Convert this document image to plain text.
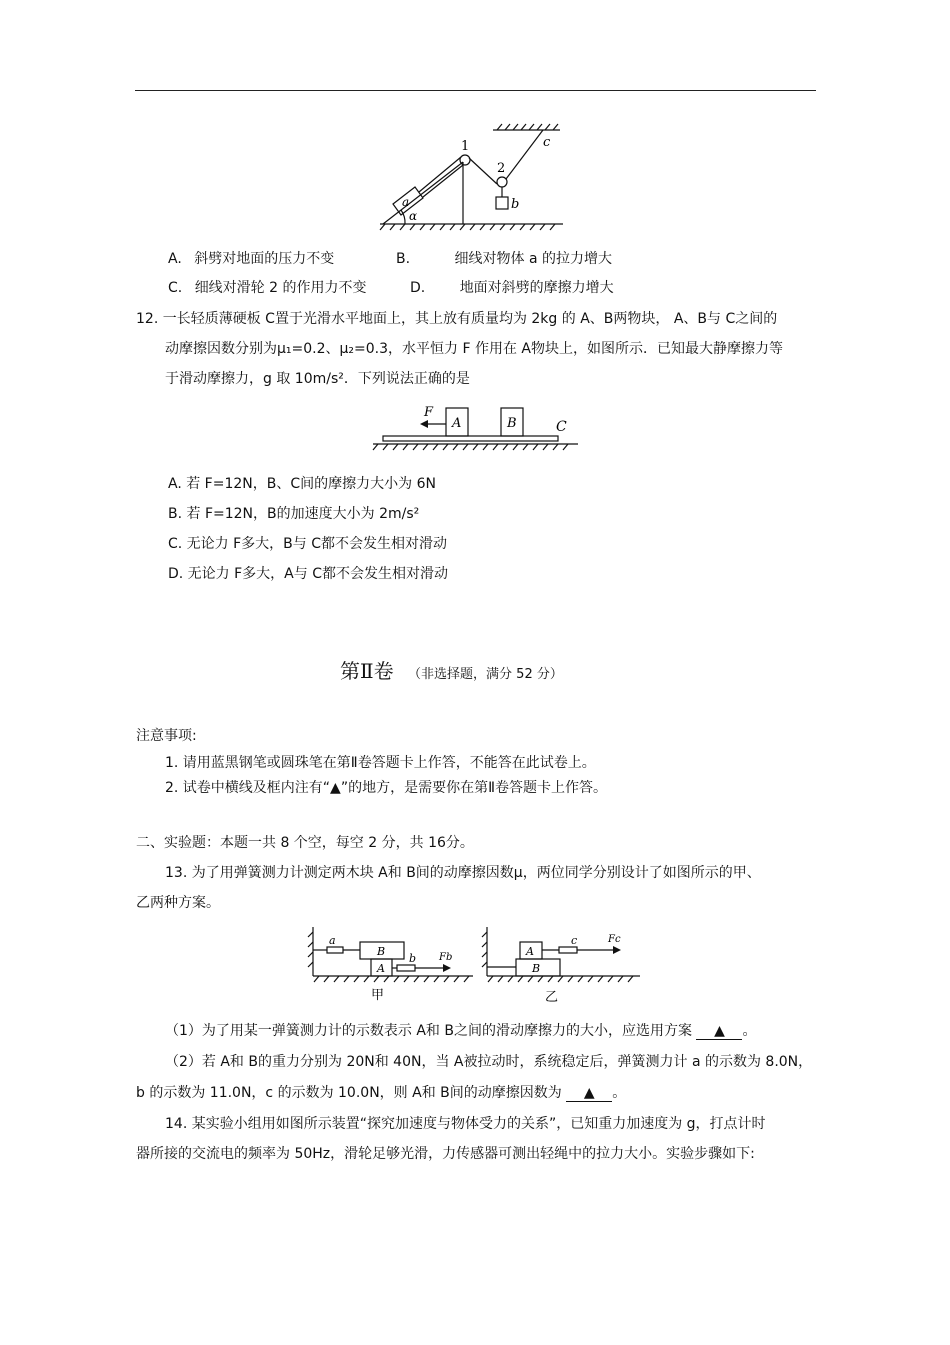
1
2
a	b
c
α
A. 斜劈对地面的压力不变	B.	细线对物体 a 的拉力增大
C. 细线对滑轮 2 的作用力不变	D. 地面对斜劈的摩擦力增大
12. 一长轻质薄硬板 C置于光滑水平地面上，其上放有质量均为 2kg 的 A、B两物块， A、B与 C之间的
动摩擦因数分别为μ₁=0.2、μ₂=0.3，水平恒力 F 作用在 A物块上，如图所示．已知最大静摩擦力等
于滑动摩擦力，g 取 10m/s²．下列说法正确的是
F
A	B	C
A. 若 F=12N，B、C间的摩擦力大小为 6N
B. 若 F=12N，B的加速度大小为 2m/s²
C. 无论力 F多大，B与 C都不会发生相对滑动
D. 无论力 F多大，A与 C都不会发生相对滑动
第Ⅱ卷 （非选择题，满分 52 分）
注意事项:
1. 请用蓝黑钢笔或圆珠笔在第Ⅱ卷答题卡上作答，不能答在此试卷上。
2. 试卷中横线及框内注有“▲”的地方，是需要你在第Ⅱ卷答题卡上作答。
二、实验题：本题一共 8 个空，每空 2 分，共 16分。
13. 为了用弹簧测力计测定两木块 A和 B间的动摩擦因数μ，两位同学分别设计了如图所示的甲、
乙两种方案。
a
B
A
b Fb	A
B
c	Fc
甲	乙
（1）为了用某一弹簧测力计的示数表示 A和 B之间的滑动摩擦力的大小，应选用方案 ▲ 。
（2）若 A和 B的重力分别为 20N和 40N，当 A被拉动时，系统稳定后，弹簧测力计 a 的示数为 8.0N，
b 的示数为 11.0N，c 的示数为 10.0N，则 A和 B间的动摩擦因数为 ▲ 。
14. 某实验小组用如图所示装置“探究加速度与物体受力的关系”，已知重力加速度为 g，打点计时
器所接的交流电的频率为 50Hz，滑轮足够光滑，力传感器可测出轻绳中的拉力大小。实验步骤如下:
